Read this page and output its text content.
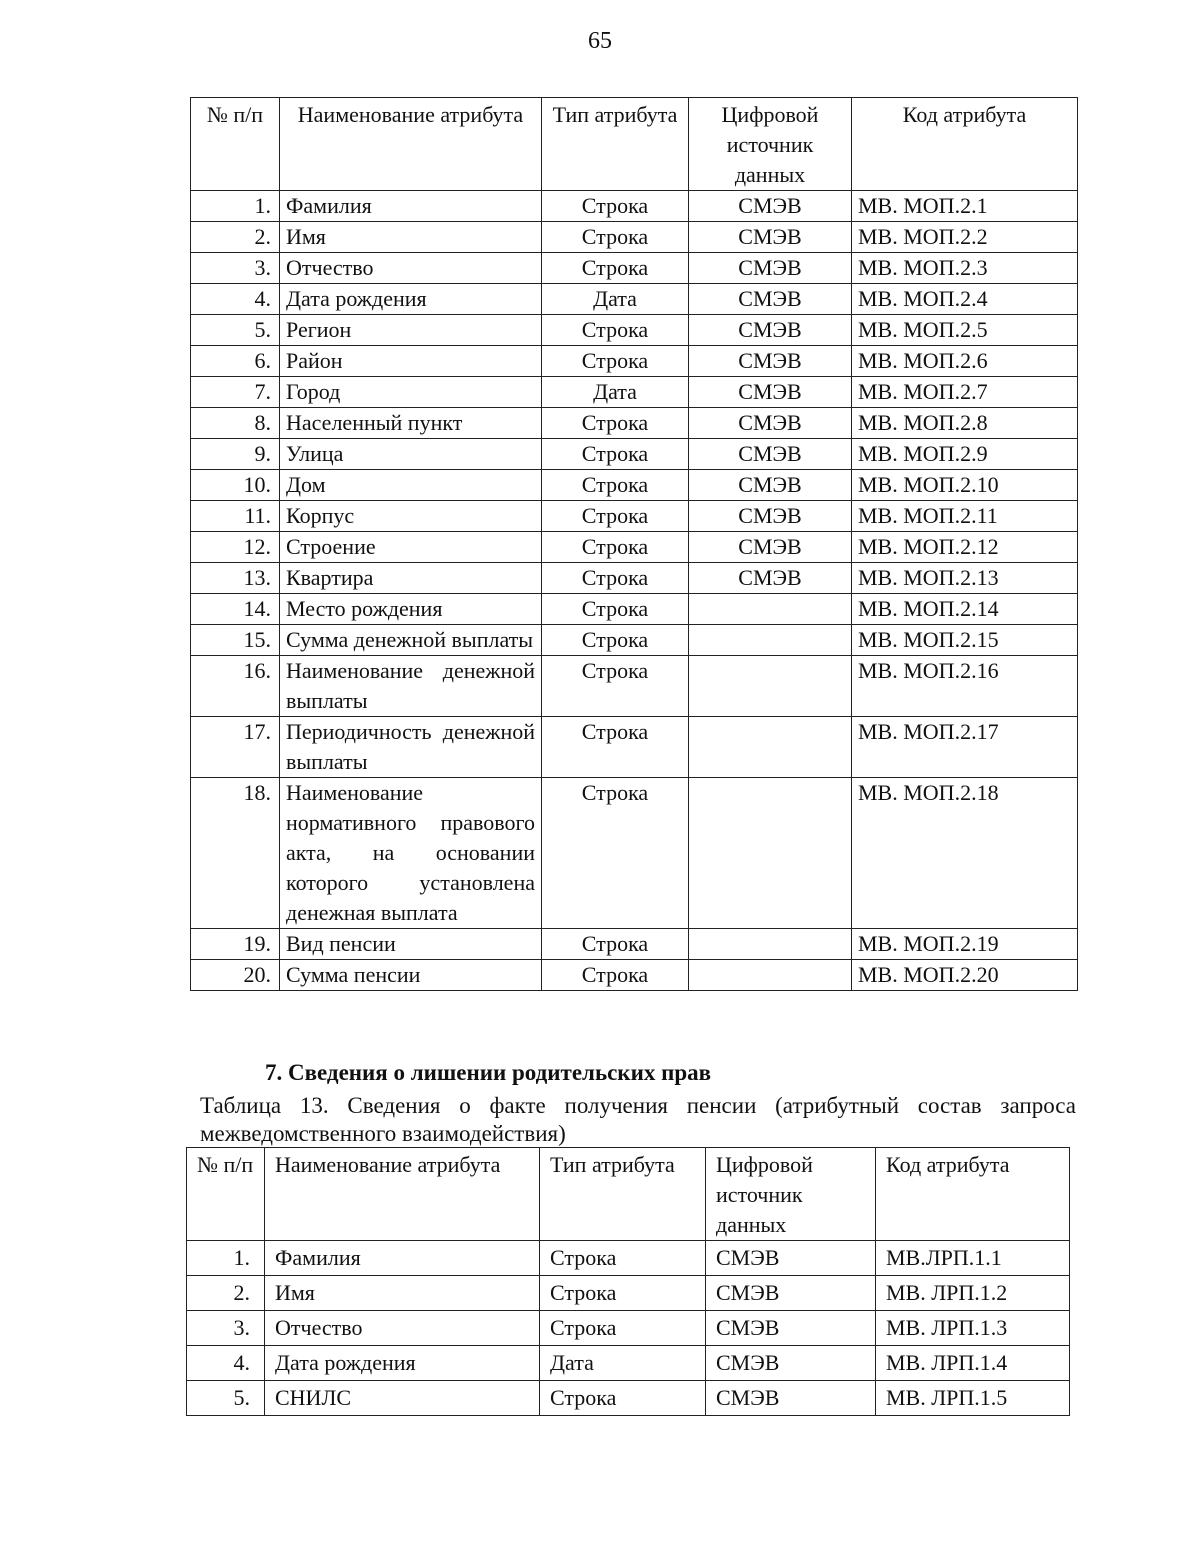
65
№ п/п	Наименование атрибута	Тип атрибута	Цифровой источник данных	Код атрибута
1.	Фамилия	Строка	СМЭВ	МВ. МОП.2.1
2.	Имя	Строка	СМЭВ	МВ. МОП.2.2
3.	Отчество	Строка	СМЭВ	МВ. МОП.2.3
4.	Дата рождения	Дата	СМЭВ	МВ. МОП.2.4
5.	Регион	Строка	СМЭВ	МВ. МОП.2.5
6.	Район	Строка	СМЭВ	МВ. МОП.2.6
7.	Город	Дата	СМЭВ	МВ. МОП.2.7
8.	Населенный пункт	Строка	СМЭВ	МВ. МОП.2.8
9.	Улица	Строка	СМЭВ	МВ. МОП.2.9
10.	Дом	Строка	СМЭВ	МВ. МОП.2.10
11.	Корпус	Строка	СМЭВ	МВ. МОП.2.11
12.	Строение	Строка	СМЭВ	МВ. МОП.2.12
13.	Квартира	Строка	СМЭВ	МВ. МОП.2.13
14.	Место рождения	Строка		МВ. МОП.2.14
15.	Сумма денежной выплаты	Строка		МВ. МОП.2.15
16.	Наименование денежной выплаты	Строка		МВ. МОП.2.16
17.	Периодичность денежной выплаты	Строка		МВ. МОП.2.17
18.	Наименование нормативного правового акта, на основании которого установлена денежная выплата	Строка		МВ. МОП.2.18
19.	Вид пенсии	Строка		МВ. МОП.2.19
20.	Сумма пенсии	Строка		МВ. МОП.2.20
7. Сведения о лишении родительских прав
Таблица 13. Сведения о факте получения пенсии (атрибутный состав запроса межведомственного взаимодействия)
№ п/п	Наименование атрибута	Тип атрибута	Цифровой источник данных	Код атрибута
1.	Фамилия	Строка	СМЭВ	МВ.ЛРП.1.1
2.	Имя	Строка	СМЭВ	МВ. ЛРП.1.2
3.	Отчество	Строка	СМЭВ	МВ. ЛРП.1.3
4.	Дата рождения	Дата	СМЭВ	МВ. ЛРП.1.4
5.	СНИЛС	Строка	СМЭВ	МВ. ЛРП.1.5
